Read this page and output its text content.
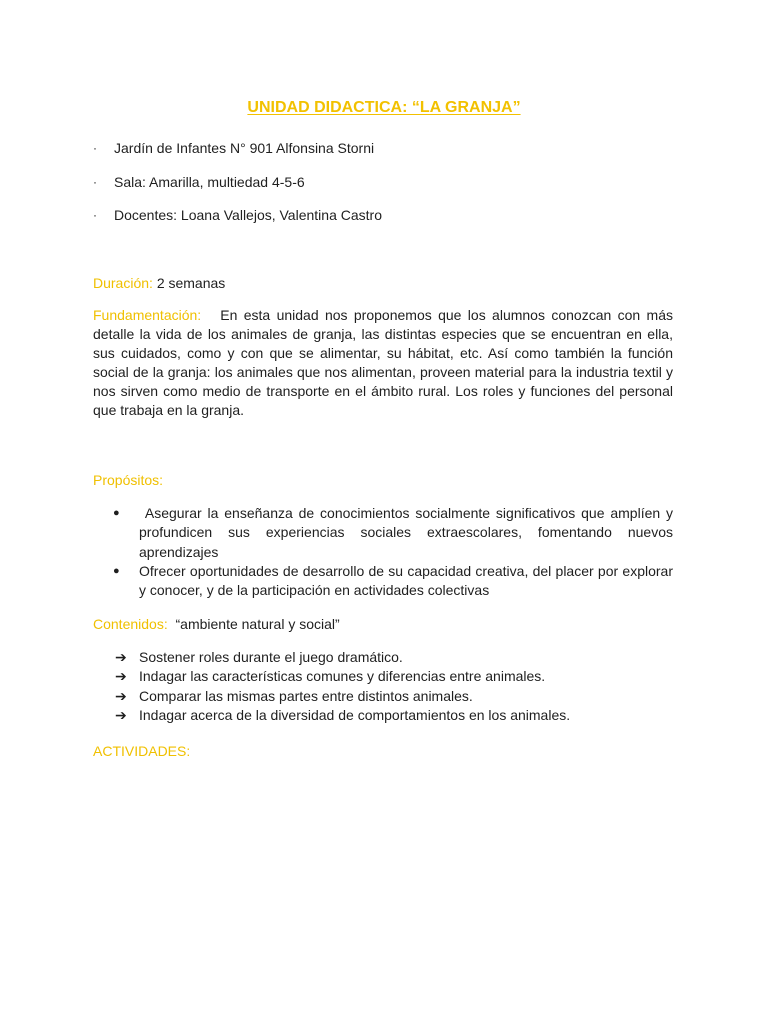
UNIDAD DIDACTICA: “LA GRANJA”
· Jardín de Infantes N° 901 Alfonsina Storni
· Sala: Amarilla, multiedad 4-5-6
· Docentes: Loana Vallejos, Valentina Castro
Duración: 2 semanas

Fundamentación: En esta unidad nos proponemos que los alumnos conozcan con más detalle la vida de los animales de granja, las distintas especies que se encuentran en ella, sus cuidados, como y con que se alimentar, su hábitat, etc. Así como también la función social de la granja: los animales que nos alimentan, proveen material para la industria textil y nos sirven como medio de transporte en el ámbito rural. Los roles y funciones del personal que trabaja en la granja.

Propósitos:
● Asegurar la enseñanza de conocimientos socialmente significativos que amplíen y profundicen sus experiencias sociales extraescolares, fomentando nuevos aprendizajes
● Ofrecer oportunidades de desarrollo de su capacidad creativa, del placer por explorar y conocer, y de la participación en actividades colectivas
Contenidos: “ambiente natural y social”
➔ Sostener roles durante el juego dramático.
➔ Indagar las características comunes y diferencias entre animales.
➔ Comparar las mismas partes entre distintos animales.
➔ Indagar acerca de la diversidad de comportamientos en los animales.
ACTIVIDADES:
